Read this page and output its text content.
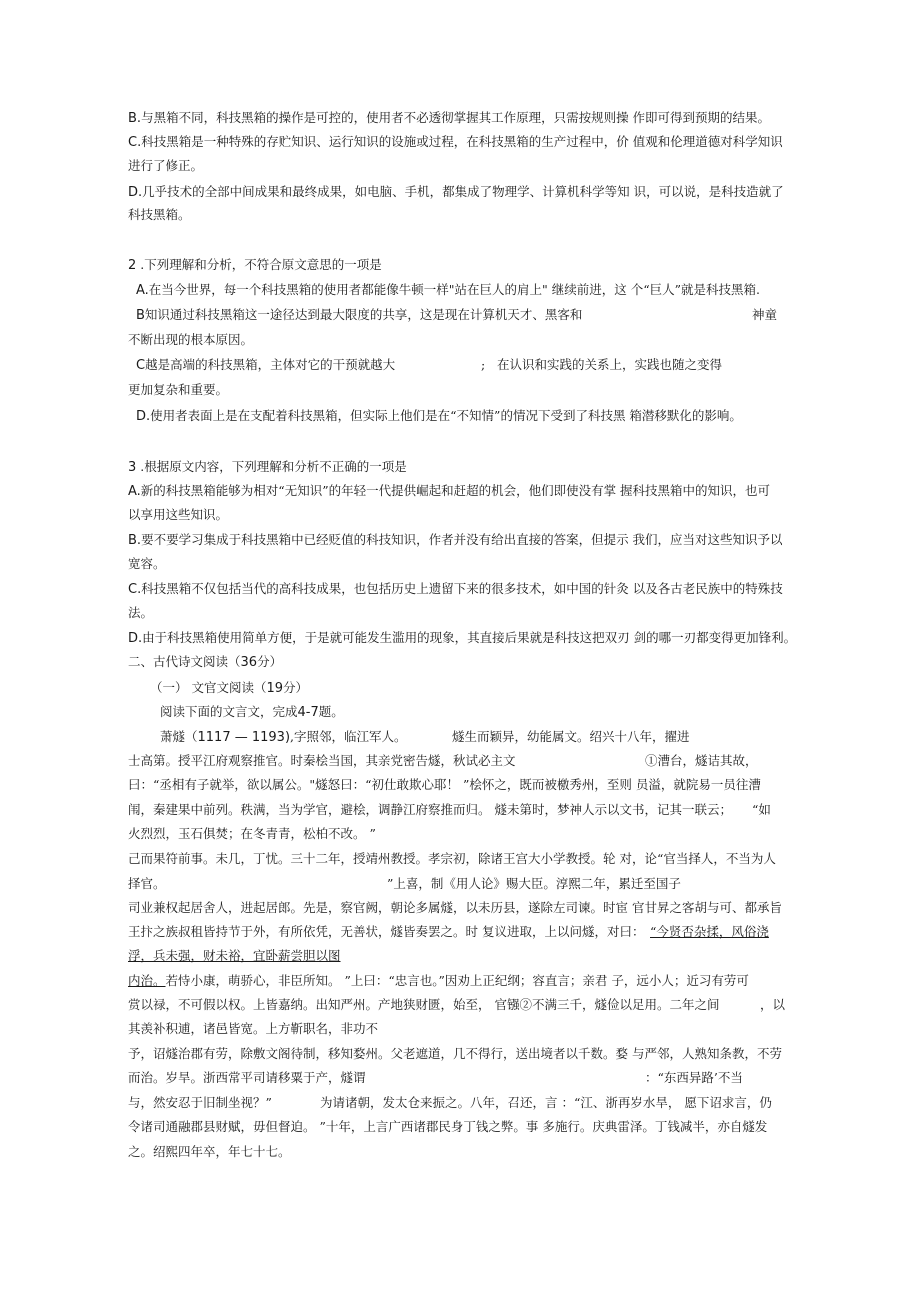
B.与黑箱不同，科技黑箱的操作是可控的，使用者不必透彻掌握其工作原理，只需按规则操 作即可得到预期的结果。
C.科技黑箱是一种特殊的存贮知识、运行知识的设施或过程，在科技黑箱的生产过程中，价 值观和伦理道德对科学知识
进行了修正。
D.几乎技术的全部中间成果和最终成果，如电脑、手机，都集成了物理学、计算机科学等知 识，可以说，是科技造就了
科技黑箱。
2 .下列理解和分析，不符合原文意思的一项是
A.在当今世界，每一个科技黑箱的使用者都能像牛顿一样"站在巨人的肩上" 继续前进，这 个“巨人”就是科技黑箱.
B知识通过科技黑箱这一途径达到最大限度的共享，这是现在计算机天才、黑客和	神童
不断出现的根本原因。
C越是高端的科技黑箱，主体对它的干预就越大	; 在认识和实践的关系上，实践也随之变得
更加复杂和重要。
D.使用者表面上是在支配着科技黑箱，但实际上他们是在“不知情”的情况下受到了科技黑 箱潜移默化的影响。
3 .根据原文内容，下列理解和分析不正确的一项是
A.新的科技黑箱能够为相对“无知识”的年轻一代提供崛起和赶超的机会，他们即使没有掌 握科技黑箱中的知识，也可
以享用这些知识。
B.要不要学习集成于科技黑箱中已经贬值的科技知识，作者并没有给出直接的答案，但提示 我们，应当对这些知识予以
宽容。
C.科技黑箱不仅包括当代的高科技成果，也包括历史上遗留下来的很多技术，如中国的针灸 以及各古老民族中的特殊技
法。
D.由于科技黑箱使用简单方便，于是就可能发生滥用的现象，其直接后果就是科技这把双刃 剑的哪一刃都变得更加锋利。
二、古代诗文阅读（36分）
（一） 文官文阅读（19分）
阅读下面的文言文，完成4-7题。
萧燧（1117 — 1193),字照邻，临江军人。	燧生而颖异，幼能属文。绍兴十八年，擢进
士高第。授平江府观察推官。时秦桧当国，其亲党密告燧，秋试必主文	①漕台，燧诘其故，
曰：“丞相有子就举，欲以属公。"燧怒曰：“初仕敢欺心耶！ ”桧怀之，既而被檄秀州，至则 员溢，就院易一员往漕
闱，秦建果中前列。秩满，当为学官，避桧，调静江府察推而归。 燧未第时，梦神人示以文书，记其一联云； “如
火烈烈，玉石俱焚；在冬青青，松柏不改。 ”
己而果符前事。未几，丁忧。三十二年，授靖州教授。孝宗初，除诸王宫大小学教授。轮 对，论“官当择人，不当为人
择官。	”上喜，制《用人论》赐大臣。淳熙二年，累迁至国子
司业兼权起居舍人，进起居郎。先是，察官阙，朝论多属燧，以未历县，遂除左司谏。时宦 官甘昇之客胡与可、都承旨
王抃之族叔租皆持节于外，有所依凭，无善状，燧皆奏罢之。时 复议进取，上以问燧，对曰： “今贤否杂揉，风俗浇
浮，兵未强，财未裕，宜卧薪尝胆以图
内治。若恃小康，萌骄心，非臣所知。 ”上曰：“忠言也。”因劝上正纪纲；容直言；亲君 子，远小人；近习有劳可
赏以禄，不可假以权。上皆嘉纳。出知严州。产地狭财匮，始至， 官镪②不满三千，燧俭以足用。二年之间	，以
其羡补积逋，诸邑皆宽。上方靳职名，非功不
予，诏燧治郡有劳，除敷文阁待制，移知婺州。父老遮道，几不得行，送出境者以千数。婺 与严邻，人熟知条教，不劳
而治。岁旱。浙西常平司请移粟于产，燧谓	：“东西异路’不当
与，然安忍于旧制坐视？”	为请诸朝，发太仓来振之。八年，召还，言 ：“江、浙再岁水旱， 愿下诏求言，仍
令诸司通融郡县财赋，毋但督迫。 ”十年，上言广西诸郡民身丁钱之弊。事 多施行。庆典雷泽。丁钱减半，亦自燧发
之。绍熙四年卒，年七十七。
